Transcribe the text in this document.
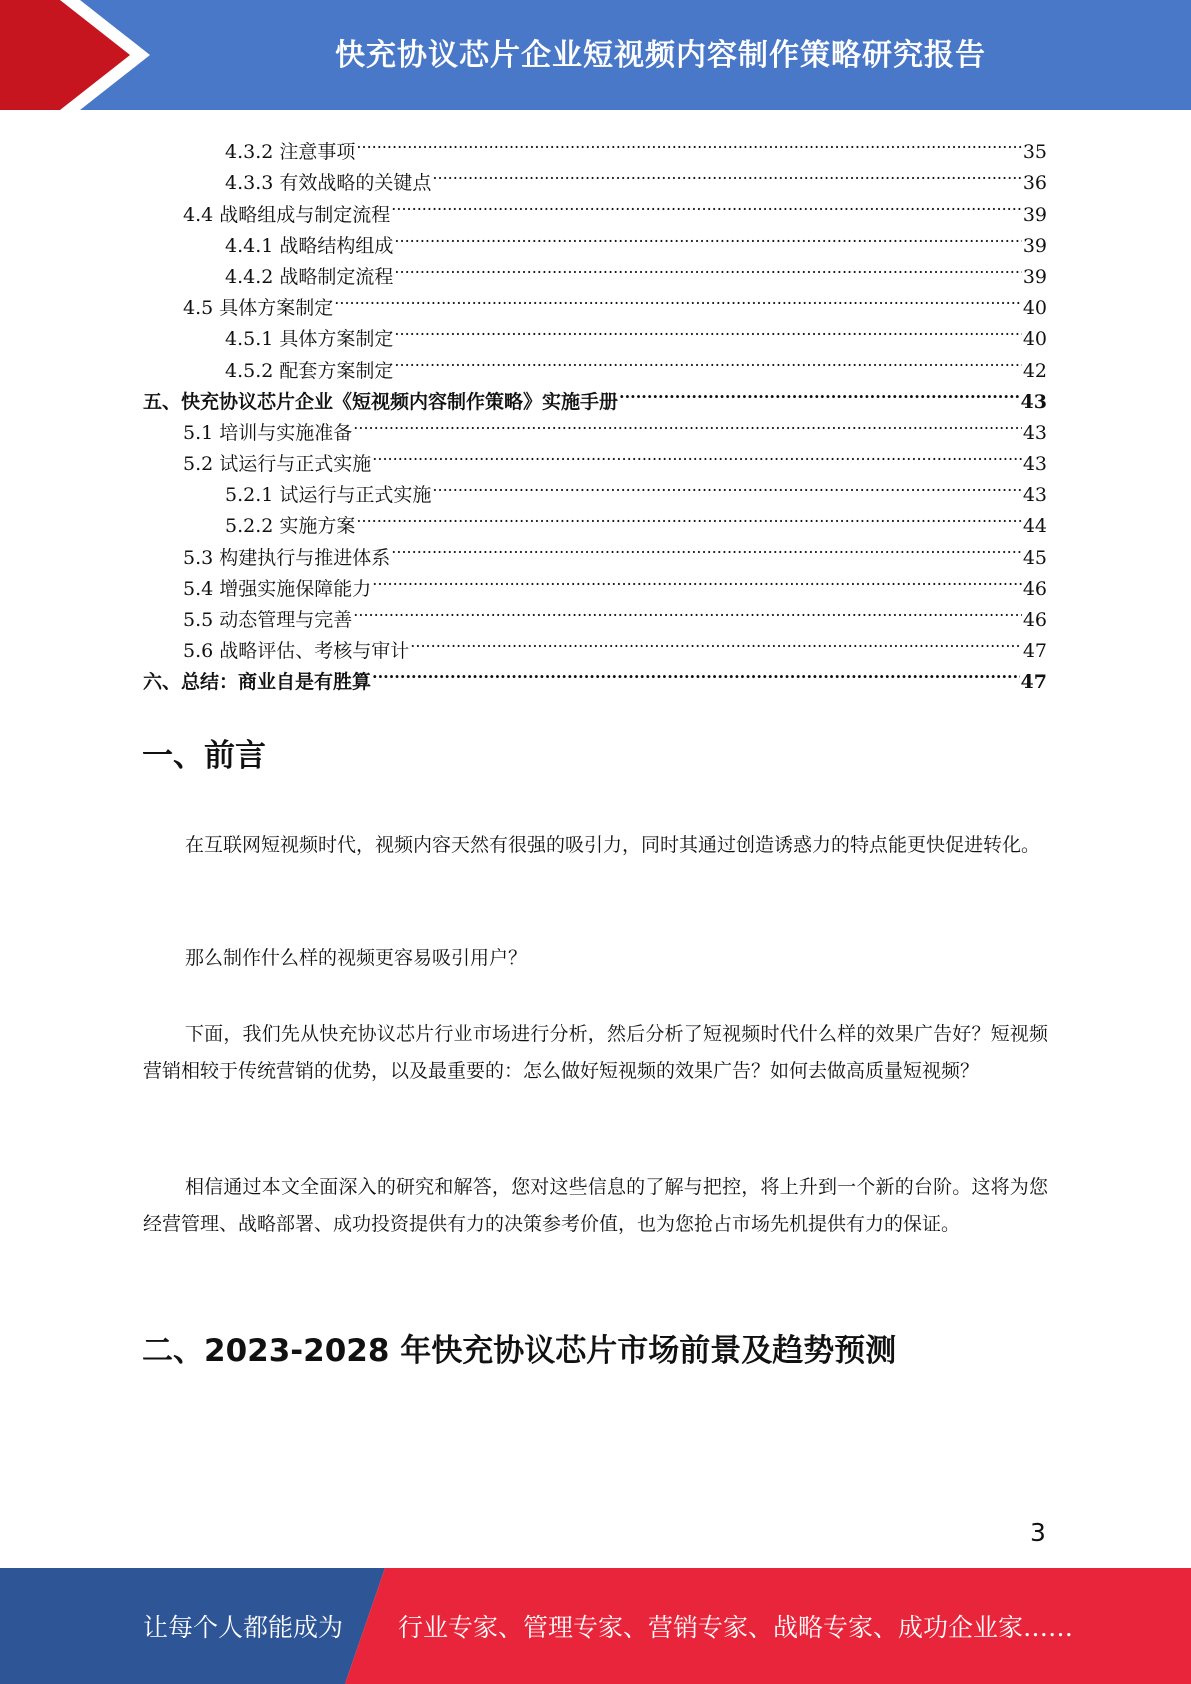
快充协议芯片企业短视频内容制作策略研究报告
4.3.2 注意事项 .....	35
4.3.3 有效战略的关键点 .....	36
4.4 战略组成与制定流程 .....	39
4.4.1 战略结构组成 .....	39
4.4.2 战略制定流程 .....	39
4.5 具体方案制定 .....	40
4.5.1 具体方案制定 .....	40
4.5.2 配套方案制定 .....	42
五、快充协议芯片企业《短视频内容制作策略》实施手册 .....	43
5.1 培训与实施准备 .....	43
5.2 试运行与正式实施 .....	43
5.2.1 试运行与正式实施 .....	43
5.2.2 实施方案 .....	44
5.3 构建执行与推进体系 .....	45
5.4 增强实施保障能力 .....	46
5.5 动态管理与完善 .....	46
5.6 战略评估、考核与审计 .....	47
六、总结：商业自是有胜算 .....	47
一、前言
在互联网短视频时代，视频内容天然有很强的吸引力，同时其通过创造诱惑力的特点能更快促进转化。
那么制作什么样的视频更容易吸引用户？
下面，我们先从快充协议芯片行业市场进行分析，然后分析了短视频时代什么样的效果广告好？短视频营销相较于传统营销的优势，以及最重要的：怎么做好短视频的效果广告？如何去做高质量短视频？
相信通过本文全面深入的研究和解答，您对这些信息的了解与把控，将上升到一个新的台阶。这将为您经营管理、战略部署、成功投资提供有力的决策参考价值，也为您抢占市场先机提供有力的保证。
二、2023-2028 年快充协议芯片市场前景及趋势预测
3
让每个人都能成为 行业专家、管理专家、营销专家、战略专家、成功企业家……
